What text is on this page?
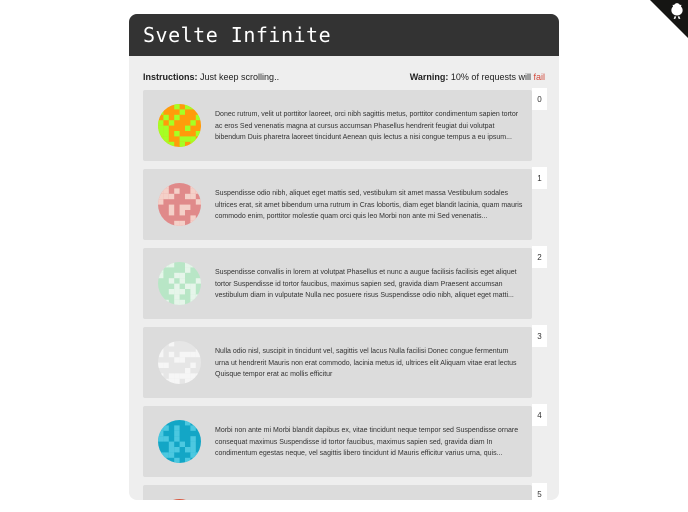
Svelte Infinite
Instructions: Just keep scrolling..	Warning: 10% of requests will fail
Donec rutrum, velit ut porttitor laoreet, orci nibh sagittis metus, porttitor condimentum sapien tortor ac eros Sed venenatis magna at cursus accumsan Phasellus hendrerit feugiat dui volutpat bibendum Duis pharetra laoreet tincidunt Aenean quis lectus a nisi congue tempus a eu ipsum...
0
Suspendisse odio nibh, aliquet eget mattis sed, vestibulum sit amet massa Vestibulum sodales ultrices erat, sit amet bibendum urna rutrum in Cras lobortis, diam eget blandit lacinia, quam mauris commodo enim, porttitor molestie quam orci quis leo Morbi non ante mi Sed venenatis...
1
Suspendisse convallis in lorem at volutpat Phasellus et nunc a augue facilisis facilisis eget aliquet tortor Suspendisse id tortor faucibus, maximus sapien sed, gravida diam Praesent accumsan vestibulum diam in vulputate Nulla nec posuere risus Suspendisse odio nibh, aliquet eget matti...
2
Nulla odio nisl, suscipit in tincidunt vel, sagittis vel lacus Nulla facilisi Donec congue fermentum urna ut hendrerit Mauris non erat commodo, lacinia metus id, ultrices elit Aliquam vitae erat lectus Quisque tempor erat ac mollis efficitur
3
Morbi non ante mi Morbi blandit dapibus ex, vitae tincidunt neque tempor sed Suspendisse ornare consequat maximus Suspendisse id tortor faucibus, maximus sapien sed, gravida diam In condimentum egestas neque, vel sagittis libero tincidunt id Mauris efficitur varius urna, quis...
4
5
